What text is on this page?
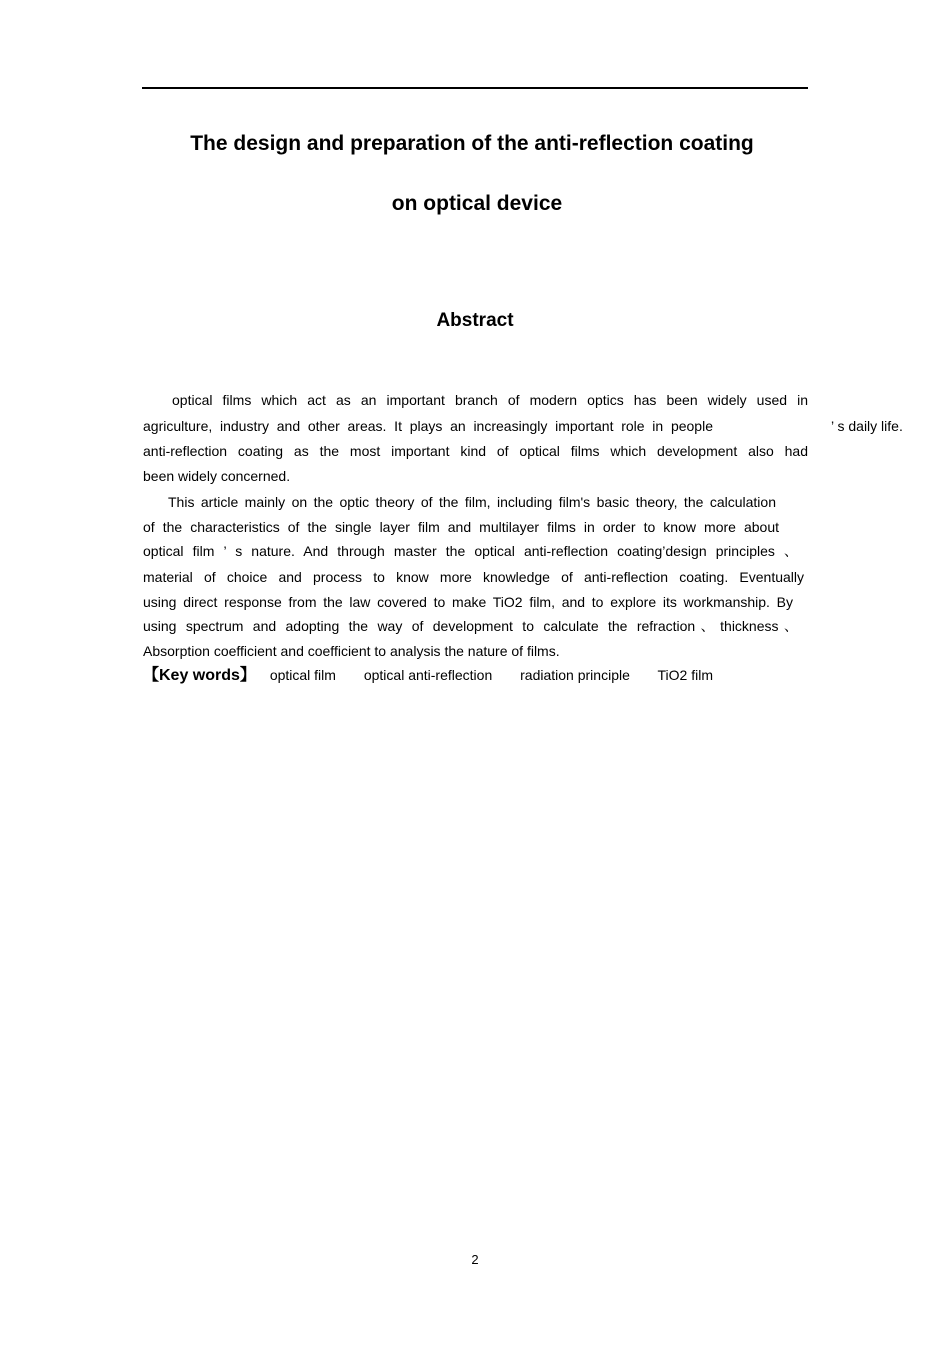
The design and preparation of the anti-reflection coating
on optical device
Abstract
optical films which act as an important branch of modern optics has been widely used in
agriculture, industry and other areas. It plays an increasingly important role in people	’ s daily life.
anti-reflection coating as the most important kind of optical films which development also had
been widely concerned.
This article mainly on the optic theory of the film, including film's basic theory, the calculation
of the characteristics of the single layer film and multilayer films in order to know more about
optical film ’ s nature. And through master the optical anti-reflection coating’design principles 、
material of choice and process to know more knowledge of anti-reflection coating. Eventually
using direct response from the law covered to make TiO2 film, and to explore its workmanship. By
using spectrum and adopting the way of development to calculate the refraction、thickness、
Absorption coefficient and coefficient to analysis the nature of films.
【Key words】 optical film optical anti-reflection radiation principle TiO2 film
2
